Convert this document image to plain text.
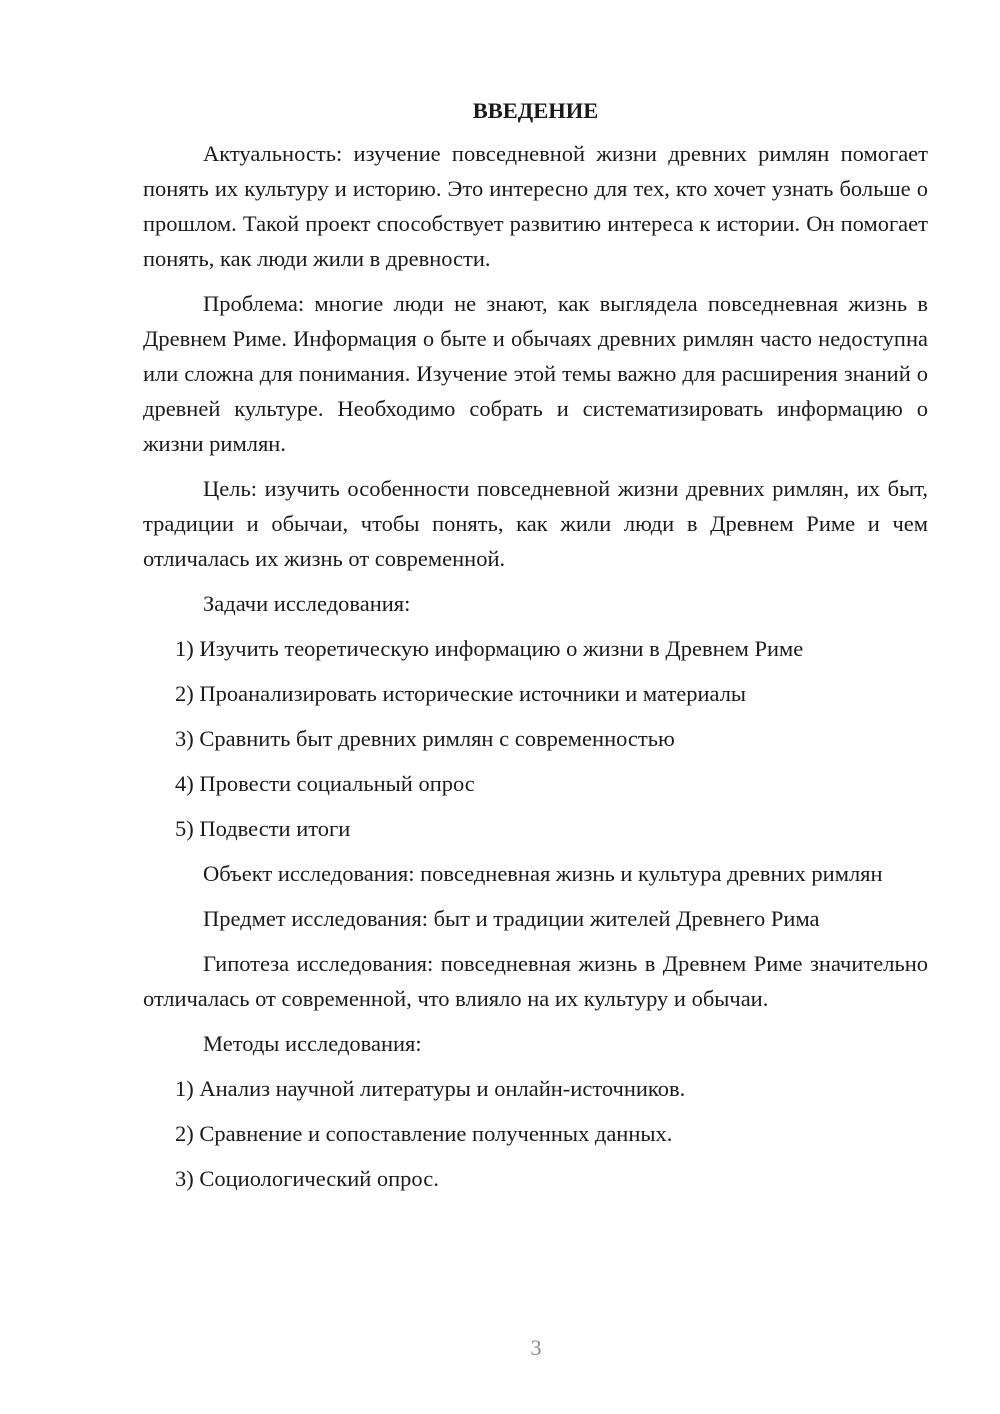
ВВЕДЕНИЕ
Актуальность: изучение повседневной жизни древних римлян помогает понять их культуру и историю. Это интересно для тех, кто хочет узнать больше о прошлом. Такой проект способствует развитию интереса к истории. Он помогает понять, как люди жили в древности.
Проблема: многие люди не знают, как выглядела повседневная жизнь в Древнем Риме. Информация о быте и обычаях древних римлян часто недоступна или сложна для понимания. Изучение этой темы важно для расширения знаний о древней культуре. Необходимо собрать и систематизировать информацию о жизни римлян.
Цель: изучить особенности повседневной жизни древних римлян, их быт, традиции и обычаи, чтобы понять, как жили люди в Древнем Риме и чем отличалась их жизнь от современной.
Задачи исследования:
1) Изучить теоретическую информацию о жизни в Древнем Риме
2) Проанализировать исторические источники и материалы
3) Сравнить быт древних римлян с современностью
4) Провести социальный опрос
5) Подвести итоги
Объект исследования: повседневная жизнь и культура древних римлян
Предмет исследования: быт и традиции жителей Древнего Рима
Гипотеза исследования: повседневная жизнь в Древнем Риме значительно отличалась от современной, что влияло на их культуру и обычаи.
Методы исследования:
1) Анализ научной литературы и онлайн-источников.
2) Сравнение и сопоставление полученных данных.
3) Социологический опрос.
3
